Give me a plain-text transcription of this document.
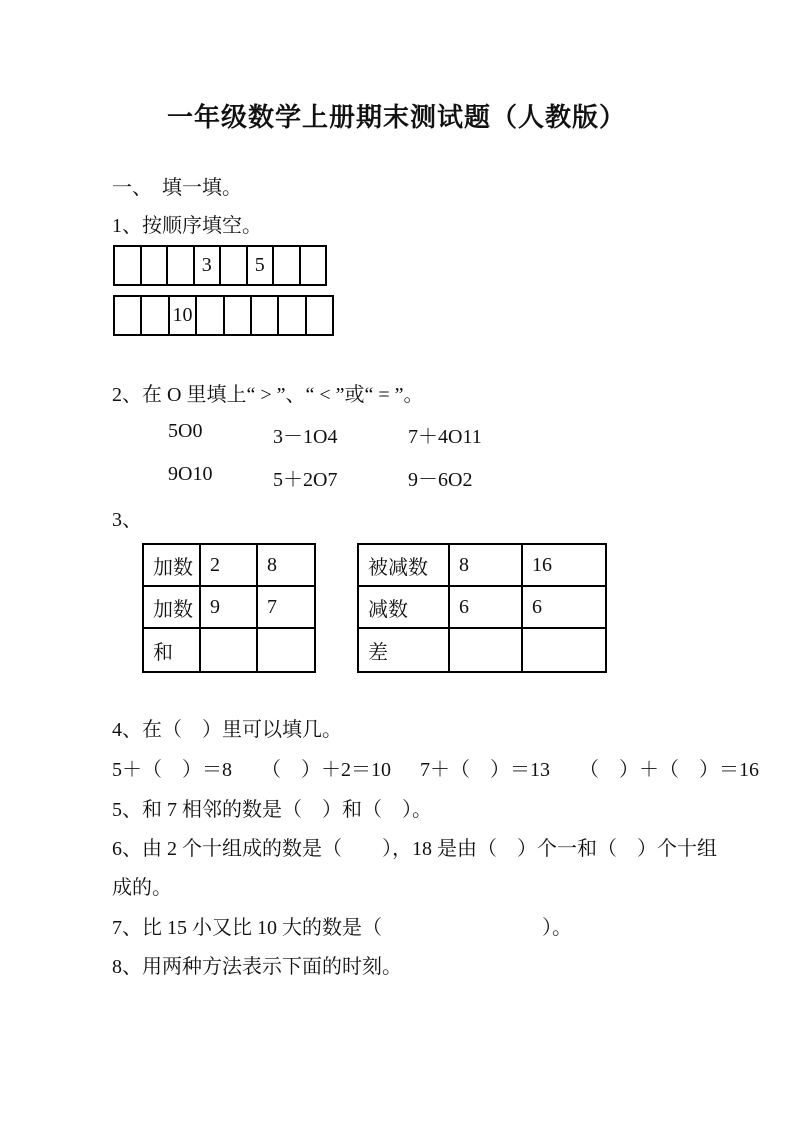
一年级数学上册期末测试题（人教版）
一、　填一填。
1、按顺序填空。
3	5
10
2、在 O 里填上“ > ”、“ < ”或“ = ”。
5O0	3－1O4	7＋4O11
9O10	5＋2O7	9－6O2
3、
加数 2	8
加数 9	7
和
被减数	8	16
减数	6	6
差
4、在（　）里可以填几。
5＋（　）＝8 （　）＋2＝10 7＋（　）＝13 （　）＋（　）＝16
5、和 7 相邻的数是（　）和（　）。
6、由 2 个十组成的数是（　　），18 是由（　）个一和（　）个十组
成的。
7、比 15 小又比 10 大的数是（　　　　　　　　）。
8、用两种方法表示下面的时刻。
